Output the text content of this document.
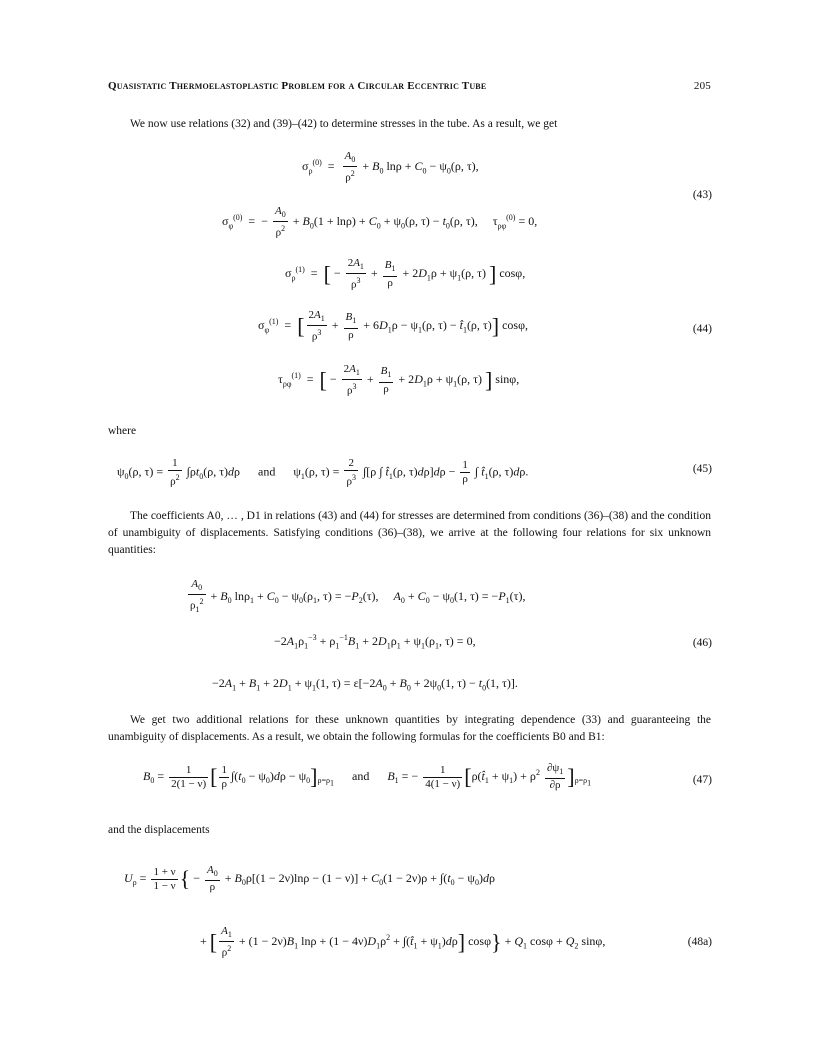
Quasistatic Thermoelastoplastic Problem for a Circular Eccentric Tube	205
We now use relations (32) and (39)–(42) to determine stresses in the tube. As a result, we get
$\sigma_\rho^{(0)} = \frac{A_0}{\rho^2} + B_0$ $\ln\rho + C_0 - \psi_0(\rho$, τ),
(43)
$\sigma_\varphi^{(0)}$  =  − $\frac{A_0}{\rho^2} + B_0(1 + \ln\rho) + C_0 + \psi_0(\rho$, $\tau) - t_0(\rho$, τ),     $\tau_{\rho\varphi}^{(0)} = 0$,
$\sigma_\rho^{(1)}$  =  [ − $\frac{2A_1}{\rho^3} + \frac{B_1}{\rho} + 2D_1\rho + \psi_1(\rho$, τ) ] cosφ,
$\sigma_\varphi^{(1)}$  =  [ $\frac{2A_1}{\rho^3} + \frac{B_1}{\rho} + 6D_1\rho - \psi_1(\rho$, $\tau) - t̂_1(\rho$, τ)] cosφ,	(44)
$\tau_{\rho\varphi}^{(1)}$  =  [ − $\frac{2A_1}{\rho^3} + \frac{B_1}{\rho} + 2D_1\rho + \psi_1(\rho$, τ) ] sinφ,
where
$\psi_0(\rho$, $\tau) = \frac{1}{\rho^2} \int\rho t_0(\rho$, τ)dρ      and      $\psi_1(\rho$, $\tau) = \frac{2}{\rho^3} \int[\rho$ ∫ $t̂_1(\rho$, $\tau)d\rho]d\rho - \frac{1}{\rho}$ ∫ $t̂_1(\rho$, τ)dρ.	(45)
The coefficients A0, … , D1 in relations (43) and (44) for stresses are determined from conditions (36)–(38) and the condition of unambiguity of displacements. Satisfying conditions (36)–(38), we arrive at the following four relations for six unknown quantities:
$\frac{A_0}{\rho_1^2} + B_0$ $\ln\rho_1 + C_0 - \psi_0(\rho_1$, $\tau) = -P_2(\tau)$,     $A_0 + C_0 - \psi_0(1$, $\tau) = -P_1(\tau)$,
$-2A_1\rho_1^{-3} + \rho_1^{-1}B_1 + 2D_1\rho_1 + \psi_1(\rho_1$, τ) = 0,	(46)
$-2A_1 + B_1 + 2D_1 + \psi_1(1$, $\tau) = \varepsilon[-2A_0 + B_0 + 2\psi_0(1$, $\tau) - t_0(1$, τ)].
We get two additional relations for these unknown quantities by integrating dependence (33) and guaranteeing the unambiguity of displacements. As a result, we obtain the following formulas for the coefficients B0 and B1:
$B_0 = \frac{1}{2(1 - \nu)}$ [ $\frac{1}{\rho} \int(t_0 - \psi_0)d\rho - \psi_0]_{\rho=\rho_1}$      and $B_1$ = − $\frac{1}{4(1 - \nu)}$ $[\rho(t̂_1 + \psi_1) + \rho^2 \frac{\partial\psi_1}{\partial\rho} ]_{\rho=\rho_1}$	(47)
and the displacements
$U_\rho = \frac{1 + \nu}{1 - \nu}$ { − $\frac{A_0}{\rho} + B_0\rho[(1 - 2\nu)\ln\rho - (1 - \nu)] + C_0(1 - 2\nu)\rho + \int(t_0 - \psi_0)d\rho$
+ [ $\frac{A_1}{\rho^2} + (1 - 2\nu)B_1$ $\ln\rho + (1 - 4\nu)D_1\rho^2$ + $\int(t̂_1 + \psi_1)d\rho$] $\cos\varphi\} + Q_1$ $\cos\varphi + Q_2$ sinφ,	(48a)
